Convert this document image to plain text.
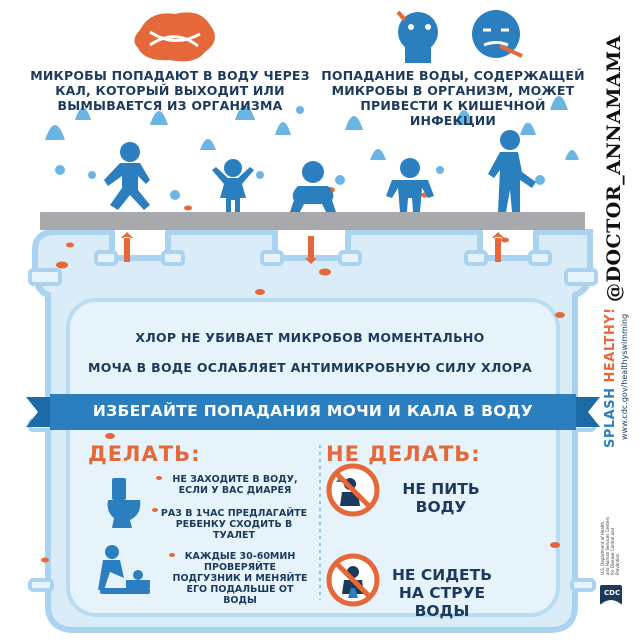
МИКРОБЫ ПОПАДАЮТ В ВОДУ ЧЕРЕЗ КАЛ, КОТОРЫЙ ВЫХОДИТ ИЛИ ВЫМЫВАЕТСЯ ИЗ ОРГАНИЗМА
ПОПАДАНИЕ ВОДЫ, СОДЕРЖАЩЕЙ МИКРОБЫ В ОРГАНИЗМ, МОЖЕТ ПРИВЕСТИ К КИШЕЧНОЙ ИНФЕКЦИИ
ХЛОР НЕ УБИВАЕТ МИКРОБОВ МОМЕНТАЛЬНО
МОЧА В ВОДЕ ОСЛАБЛЯЕТ АНТИМИКРОБНУЮ СИЛУ ХЛОРА
ИЗБЕГАЙТЕ ПОПАДАНИЯ МОЧИ И КАЛА В ВОДУ
ДЕЛАТЬ:
НЕ ЗАХОДИТЕ В ВОДУ, ЕСЛИ У ВАС ДИАРЕЯ
РАЗ В 1ЧАС ПРЕДЛАГАЙТЕ РЕБЕНКУ СХОДИТЬ В ТУАЛЕТ
КАЖДЫЕ 30-60МИН ПРОВЕРЯЙТЕ ПОДГУЗНИК И МЕНЯЙТЕ ЕГО ПОДАЛЬШЕ ОТ ВОДЫ
НЕ ДЕЛАТЬ:
НЕ ПИТЬ ВОДУ
НЕ СИДЕТЬ НА СТРУЕ ВОДЫ
@DOCTOR_ANNAMAMA
SPLASH HEALTHY! www.cdc.gov/healthyswimming
U.S. Department of Health and Human Services Centers for Disease Control and Prevention
CDC
